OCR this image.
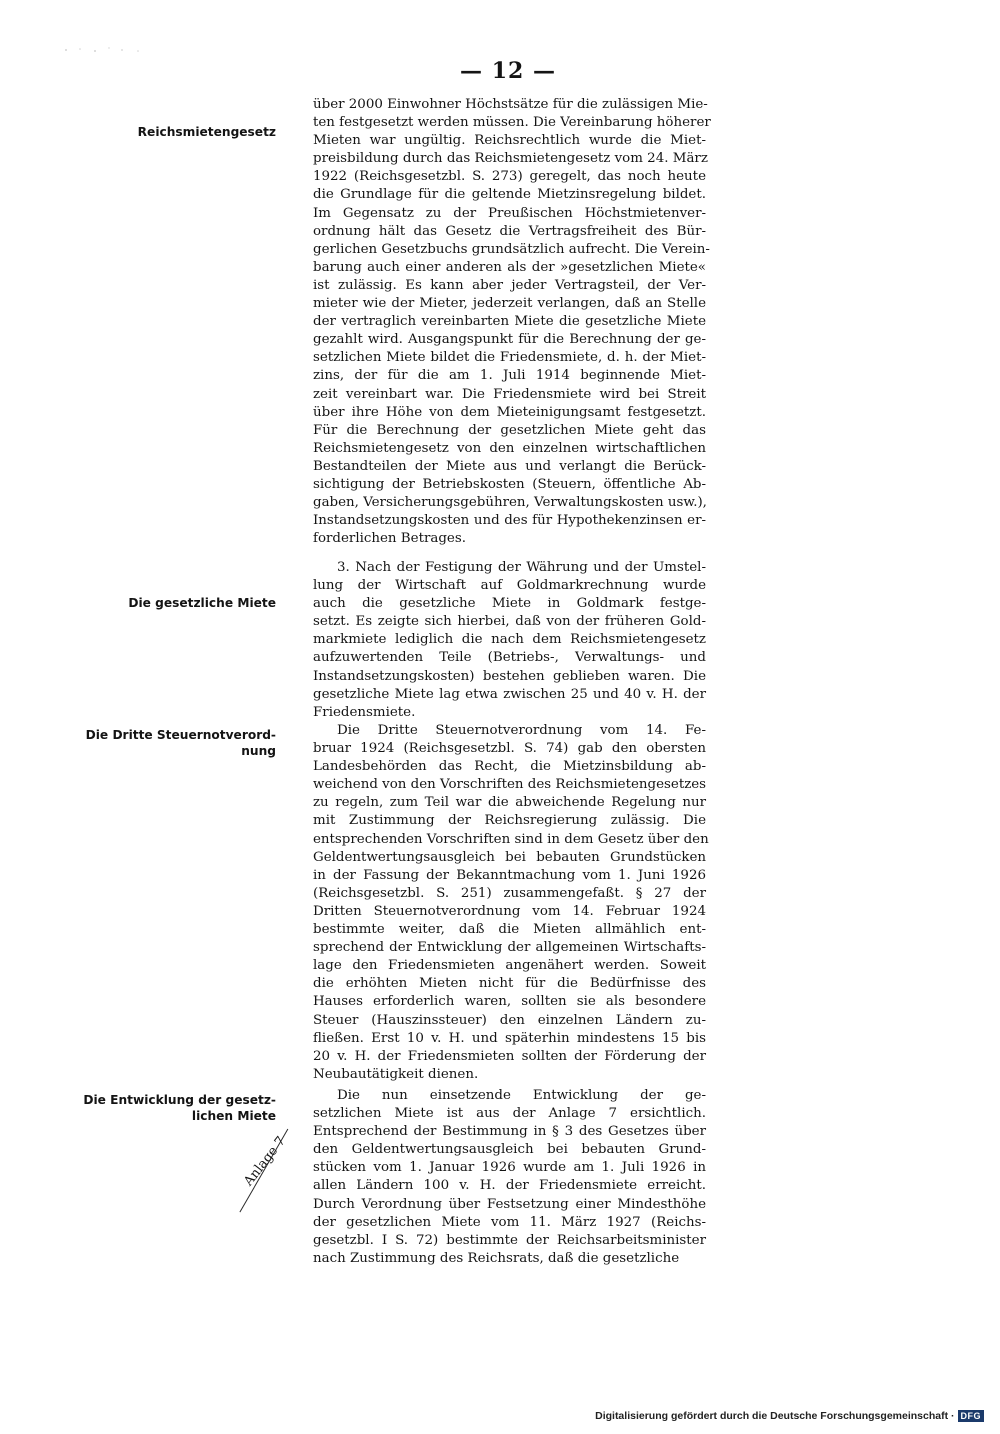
— 12 —
Reichsmietengesetz
Die gesetzliche Miete
Die Dritte Steuernotverord-
nung
Die Entwicklung der gesetz-
lichen Miete
Anlage 7

über 2000 Einwohner Höchstsätze für die zulässigen Mie-
ten festgesetzt werden müssen. Die Vereinbarung höherer
Mieten war ungültig. Reichsrechtlich wurde die Miet-
preisbildung durch das Reichsmietengesetz vom 24. März
1922 (Reichsgesetzbl. S. 273) geregelt, das noch heute
die Grundlage für die geltende Mietzinsregelung bildet.
Im Gegensatz zu der Preußischen Höchstmietenver-
ordnung hält das Gesetz die Vertragsfreiheit des Bür-
gerlichen Gesetzbuchs grundsätzlich aufrecht. Die Verein-
barung auch einer anderen als der »gesetzlichen Miete«
ist zulässig. Es kann aber jeder Vertragsteil, der Ver-
mieter wie der Mieter, jederzeit verlangen, daß an Stelle
der vertraglich vereinbarten Miete die gesetzliche Miete
gezahlt wird. Ausgangspunkt für die Berechnung der ge-
setzlichen Miete bildet die Friedensmiete, d. h. der Miet-
zins, der für die am 1. Juli 1914 beginnende Miet-
zeit vereinbart war. Die Friedensmiete wird bei Streit
über ihre Höhe von dem Mieteinigungsamt festgesetzt.
Für die Berechnung der gesetzlichen Miete geht das
Reichsmietengesetz von den einzelnen wirtschaftlichen
Bestandteilen der Miete aus und verlangt die Berück-
sichtigung der Betriebskosten (Steuern, öffentliche Ab-
gaben, Versicherungsgebühren, Verwaltungskosten usw.),
Instandsetzungskosten und des für Hypothekenzinsen er-
forderlichen Betrages.

3. Nach der Festigung der Währung und der Umstel-
lung der Wirtschaft auf Goldmarkrechnung wurde
auch die gesetzliche Miete in Goldmark festge-
setzt. Es zeigte sich hierbei, daß von der früheren Gold-
markmiete lediglich die nach dem Reichsmietengesetz
aufzuwertenden Teile (Betriebs-, Verwaltungs- und
Instandsetzungskosten) bestehen geblieben waren. Die
gesetzliche Miete lag etwa zwischen 25 und 40 v. H. der
Friedensmiete.

Die Dritte Steuernotverordnung vom 14. Fe-
bruar 1924 (Reichsgesetzbl. S. 74) gab den obersten
Landesbehörden das Recht, die Mietzinsbildung ab-
weichend von den Vorschriften des Reichsmietengesetzes
zu regeln, zum Teil war die abweichende Regelung nur
mit Zustimmung der Reichsregierung zulässig. Die
entsprechenden Vorschriften sind in dem Gesetz über den
Geldentwertungsausgleich bei bebauten Grundstücken
in der Fassung der Bekanntmachung vom 1. Juni 1926
(Reichsgesetzbl. S. 251) zusammengefaßt. § 27 der
Dritten Steuernotverordnung vom 14. Februar 1924
bestimmte weiter, daß die Mieten allmählich ent-
sprechend der Entwicklung der allgemeinen Wirtschafts-
lage den Friedensmieten angenähert werden. Soweit
die erhöhten Mieten nicht für die Bedürfnisse des
Hauses erforderlich waren, sollten sie als besondere
Steuer (Hauszinssteuer) den einzelnen Ländern zu-
fließen. Erst 10 v. H. und späterhin mindestens 15 bis
20 v. H. der Friedensmieten sollten der Förderung der
Neubautätigkeit dienen.

Die nun einsetzende Entwicklung der ge-
setzlichen Miete ist aus der Anlage 7 ersichtlich.
Entsprechend der Bestimmung in § 3 des Gesetzes über
den Geldentwertungsausgleich bei bebauten Grund-
stücken vom 1. Januar 1926 wurde am 1. Juli 1926 in
allen Ländern 100 v. H. der Friedensmiete erreicht.
Durch Verordnung über Festsetzung einer Mindesthöhe
der gesetzlichen Miete vom 11. März 1927 (Reichs-
gesetzbl. I S. 72) bestimmte der Reichsarbeitsminister
nach Zustimmung des Reichsrats, daß die gesetzliche

Digitalisierung gefördert durch die Deutsche Forschungsgemeinschaft · DFG
